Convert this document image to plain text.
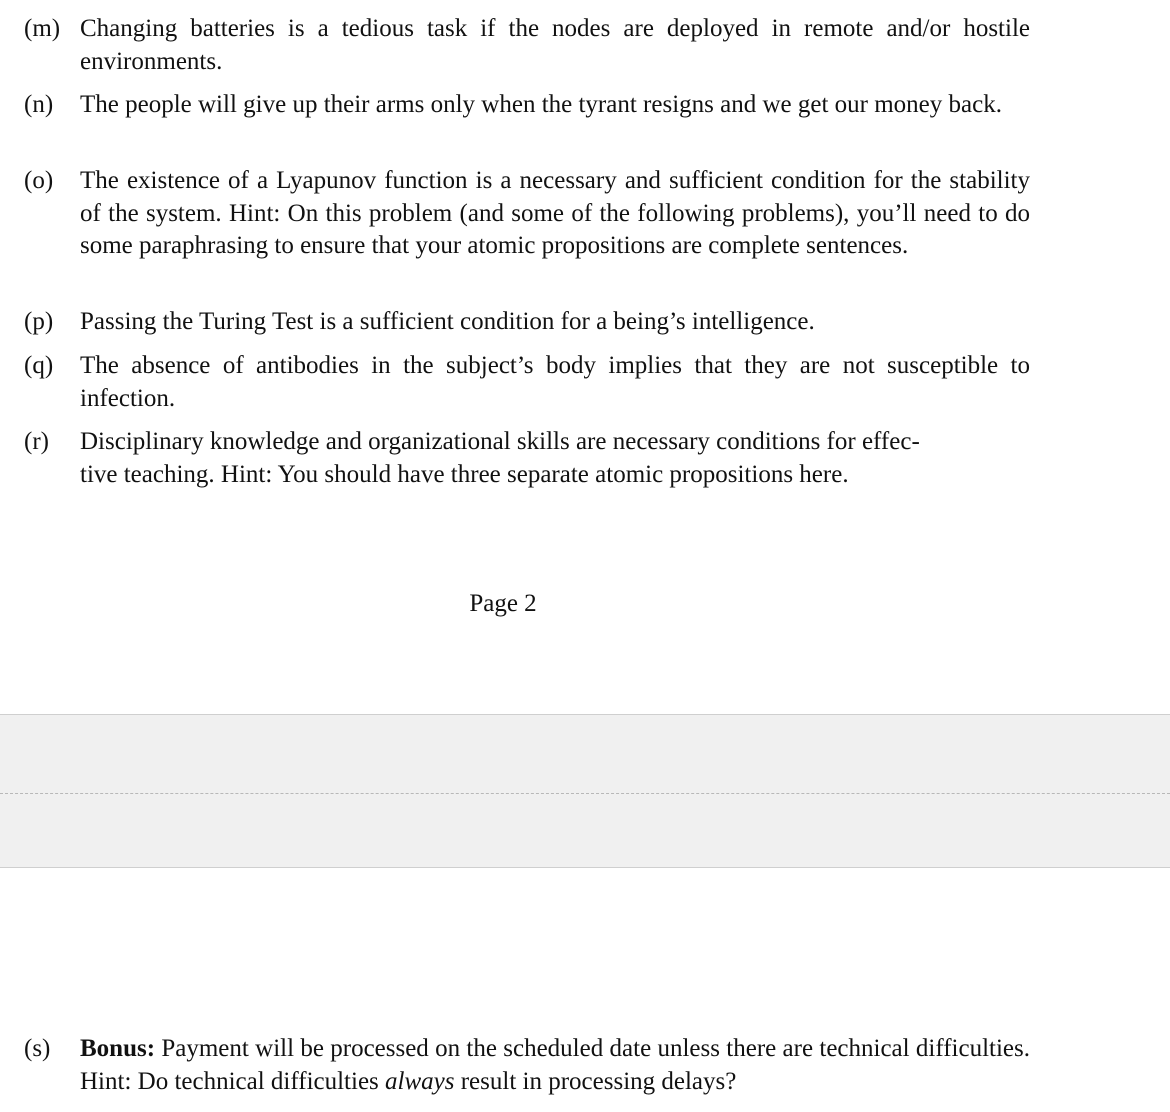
(m) Changing batteries is a tedious task if the nodes are deployed in remote and/or hostile environments.
(n)	The people will give up their arms only when the tyrant resigns and we get our money back.
(o)	The existence of a Lyapunov function is a necessary and sufficient condition for the stability of the system. Hint: On this problem (and some of the following problems), you’ll need to do some paraphrasing to ensure that your atomic propositions are complete sentences.
(p)	Passing the Turing Test is a sufficient condition for a being’s intelligence.
(q)	The absence of antibodies in the subject’s body implies that they are not susceptible to infection.
(r)	Disciplinary knowledge and organizational skills are necessary conditions for effec-
tive teaching. Hint: You should have three separate atomic propositions here.
Page 2
(s)	Bonus: Payment will be processed on the scheduled date unless there are technical difficulties. Hint: Do technical difficulties always result in processing delays?
